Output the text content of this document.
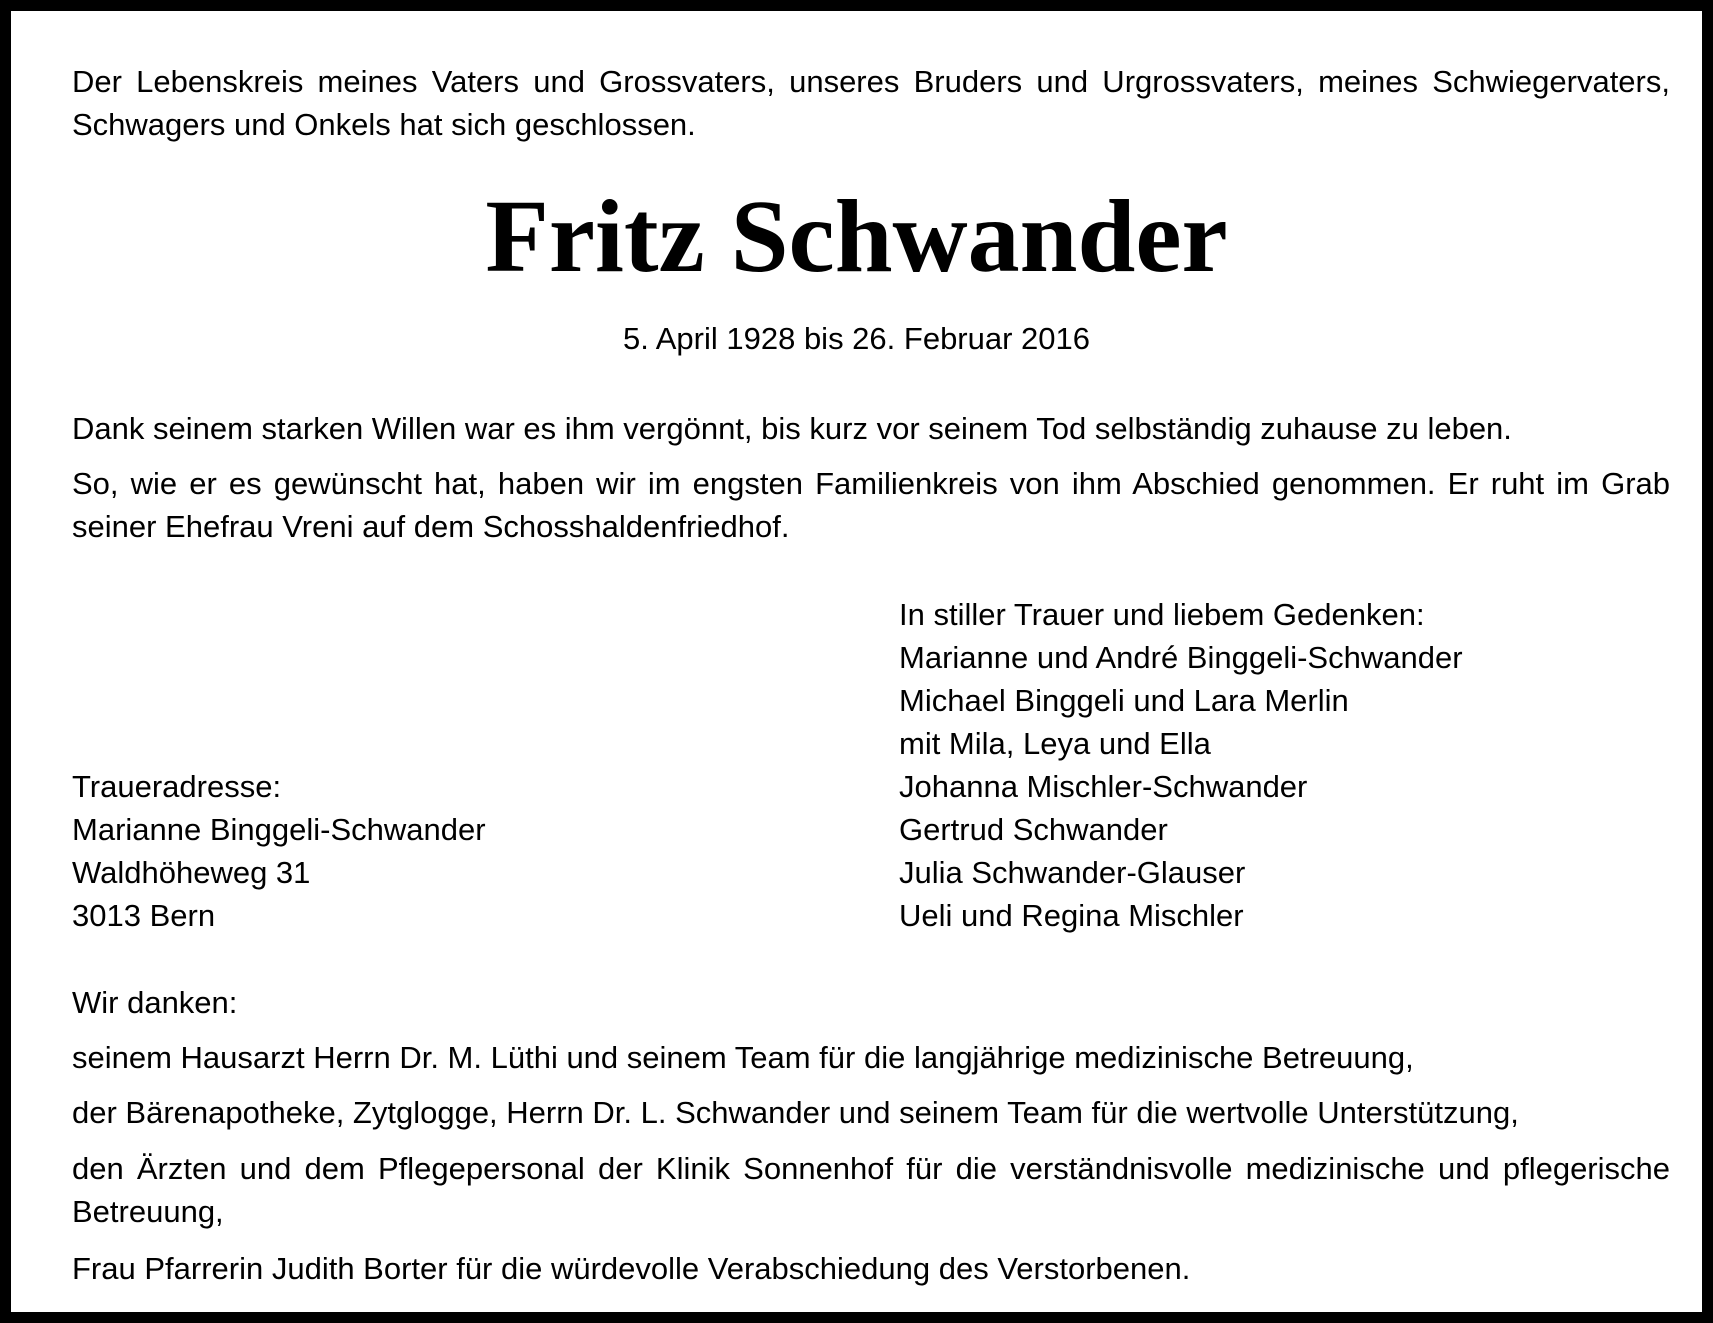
Der Lebenskreis meines Vaters und Grossvaters, unseres Bruders und Urgrossvaters, meines Schwiegervaters, Schwagers und Onkels hat sich geschlossen.

Fritz Schwander

5. April 1928 bis 26. Februar 2016

Dank seinem starken Willen war es ihm vergönnt, bis kurz vor seinem Tod selbständig zuhause zu leben.

So, wie er es gewünscht hat, haben wir im engsten Familienkreis von ihm Abschied genommen. Er ruht im Grab seiner Ehefrau Vreni auf dem Schosshaldenfriedhof.

In stiller Trauer und liebem Gedenken:
Marianne und André Binggeli-Schwander
Michael Binggeli und Lara Merlin
mit Mila, Leya und Ella
Johanna Mischler-Schwander
Gertrud Schwander
Julia Schwander-Glauser
Ueli und Regina Mischler
Traueradresse:
Marianne Binggeli-Schwander
Waldhöheweg 31
3013 Bern

Wir danken:

seinem Hausarzt Herrn Dr. M. Lüthi und seinem Team für die langjährige medizinische Betreuung,

der Bärenapotheke, Zytglogge, Herrn Dr. L. Schwander und seinem Team für die wertvolle Unterstützung,

den Ärzten und dem Pflegepersonal der Klinik Sonnenhof für die verständnisvolle medizinische und pflegerische Betreuung,

Frau Pfarrerin Judith Borter für die würdevolle Verabschiedung des Verstorbenen.
